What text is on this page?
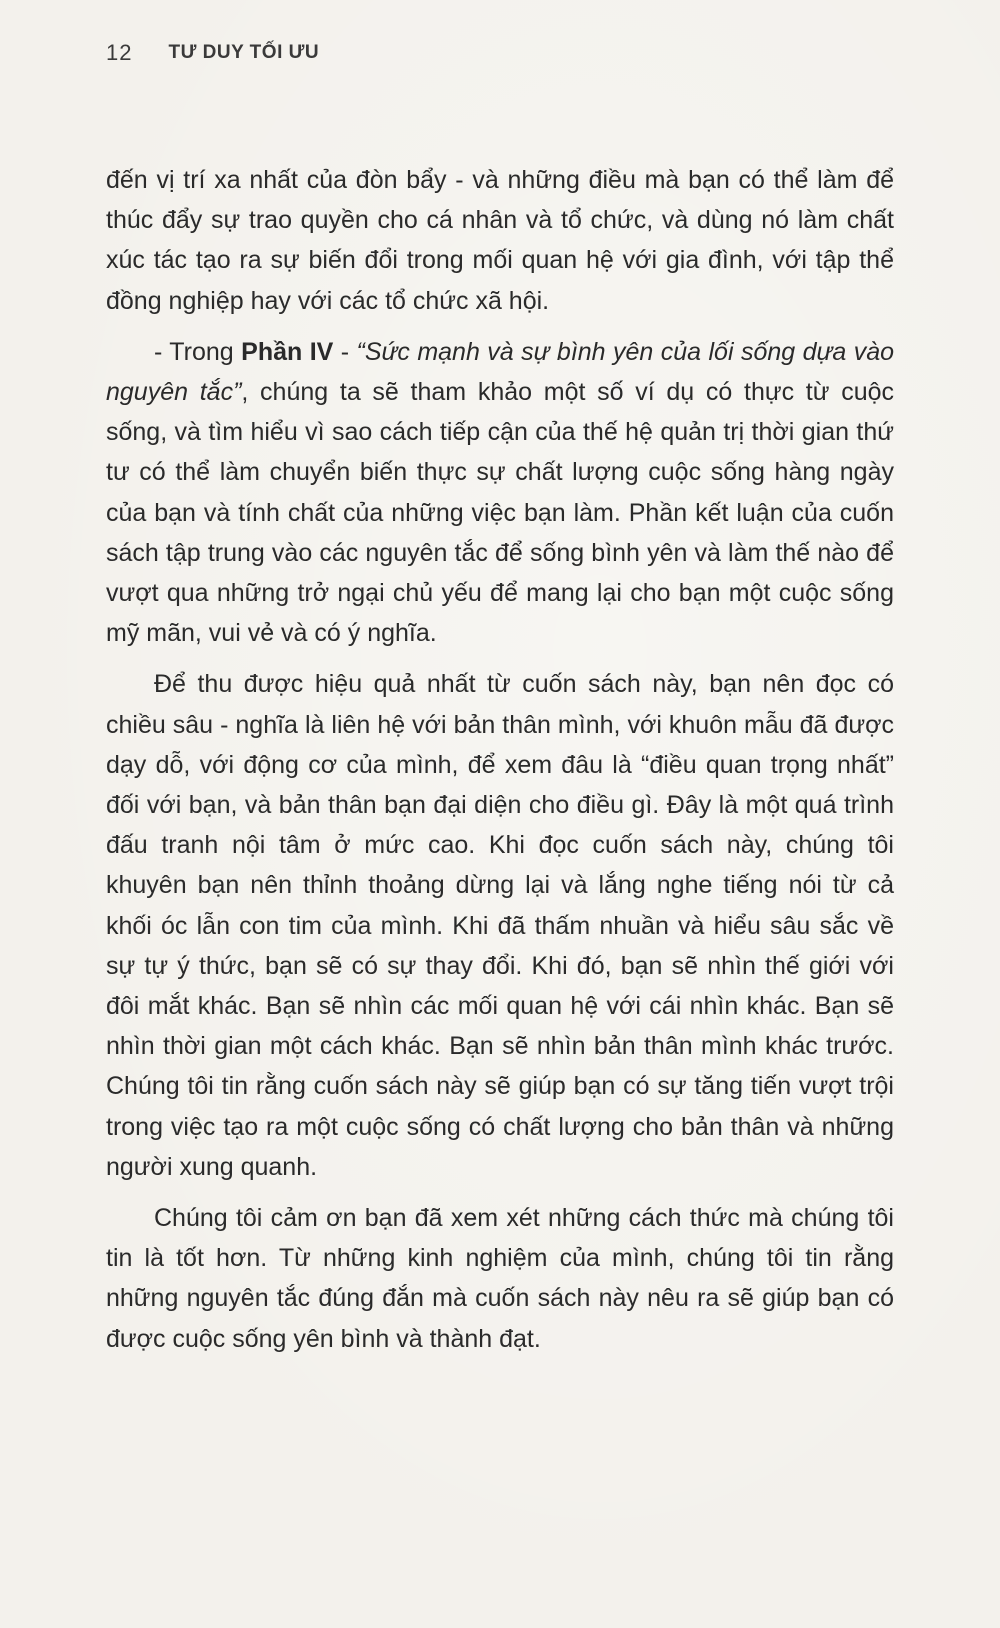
12 TƯ DUY TỐI ƯU

đến vị trí xa nhất của đòn bẩy - và những điều mà bạn có thể làm để thúc đẩy sự trao quyền cho cá nhân và tổ chức, và dùng nó làm chất xúc tác tạo ra sự biến đổi trong mối quan hệ với gia đình, với tập thể đồng nghiệp hay với các tổ chức xã hội.

- Trong Phần IV - “Sức mạnh và sự bình yên của lối sống dựa vào nguyên tắc”, chúng ta sẽ tham khảo một số ví dụ có thực từ cuộc sống, và tìm hiểu vì sao cách tiếp cận của thế hệ quản trị thời gian thứ tư có thể làm chuyển biến thực sự chất lượng cuộc sống hàng ngày của bạn và tính chất của những việc bạn làm. Phần kết luận của cuốn sách tập trung vào các nguyên tắc để sống bình yên và làm thế nào để vượt qua những trở ngại chủ yếu để mang lại cho bạn một cuộc sống mỹ mãn, vui vẻ và có ý nghĩa.

Để thu được hiệu quả nhất từ cuốn sách này, bạn nên đọc có chiều sâu - nghĩa là liên hệ với bản thân mình, với khuôn mẫu đã được dạy dỗ, với động cơ của mình, để xem đâu là “điều quan trọng nhất” đối với bạn, và bản thân bạn đại diện cho điều gì. Đây là một quá trình đấu tranh nội tâm ở mức cao. Khi đọc cuốn sách này, chúng tôi khuyên bạn nên thỉnh thoảng dừng lại và lắng nghe tiếng nói từ cả khối óc lẫn con tim của mình. Khi đã thấm nhuần và hiểu sâu sắc về sự tự ý thức, bạn sẽ có sự thay đổi. Khi đó, bạn sẽ nhìn thế giới với đôi mắt khác. Bạn sẽ nhìn các mối quan hệ với cái nhìn khác. Bạn sẽ nhìn thời gian một cách khác. Bạn sẽ nhìn bản thân mình khác trước. Chúng tôi tin rằng cuốn sách này sẽ giúp bạn có sự tăng tiến vượt trội trong việc tạo ra một cuộc sống có chất lượng cho bản thân và những người xung quanh.

Chúng tôi cảm ơn bạn đã xem xét những cách thức mà chúng tôi tin là tốt hơn. Từ những kinh nghiệm của mình, chúng tôi tin rằng những nguyên tắc đúng đắn mà cuốn sách này nêu ra sẽ giúp bạn có được cuộc sống yên bình và thành đạt.
